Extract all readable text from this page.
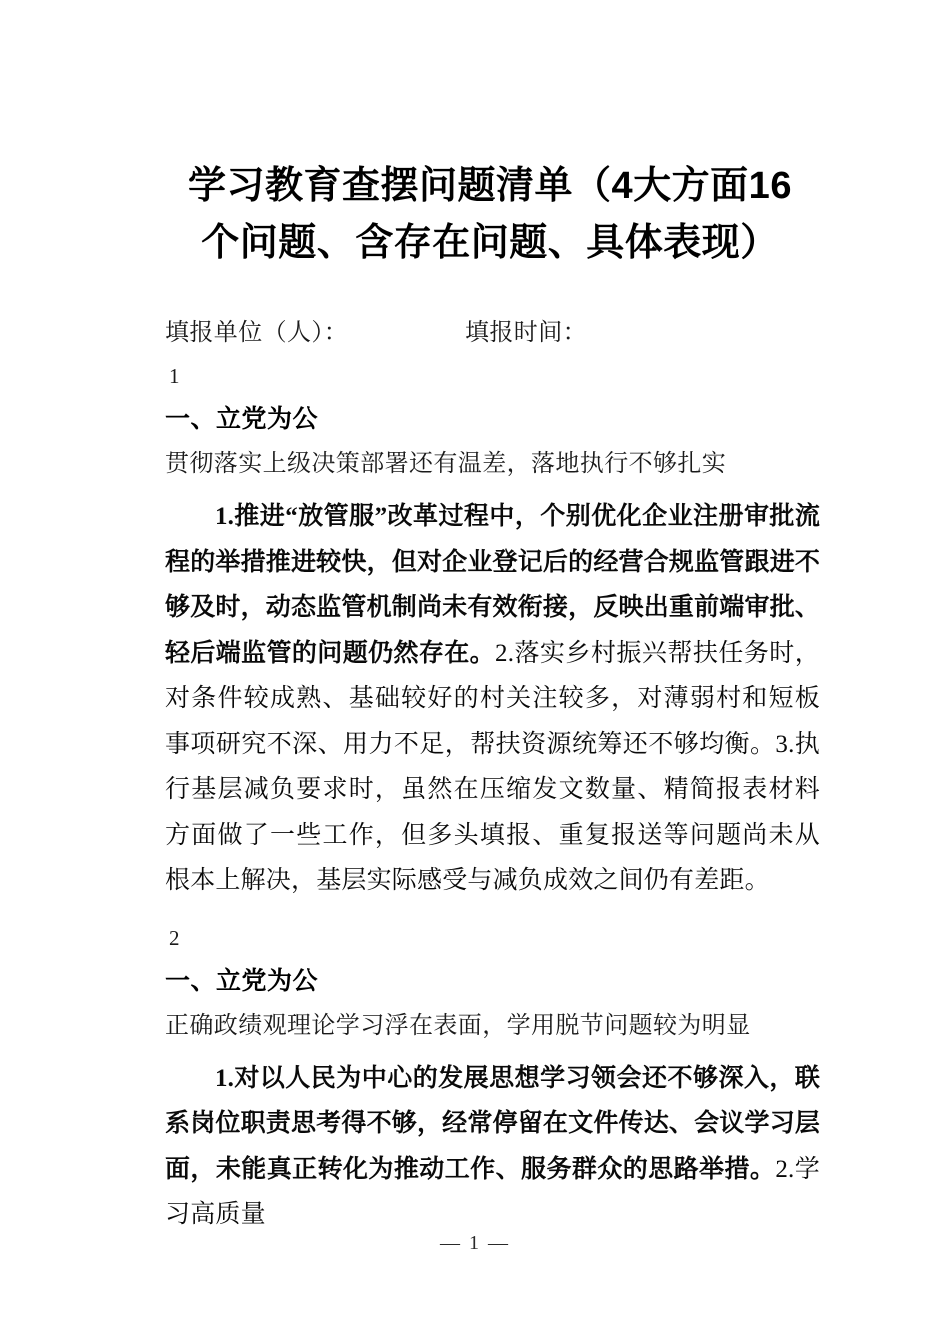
学习教育查摆问题清单（4大方面16
个问题、含存在问题、具体表现）
填报单位（人）：	填报时间：
1
一、立党为公
贯彻落实上级决策部署还有温差，落地执行不够扎实

1.推进“放管服”改革过程中，个别优化企业注册审批流程的举措推进较快，但对企业登记后的经营合规监管跟进不够及时，动态监管机制尚未有效衔接，反映出重前端审批、轻后端监管的问题仍然存在。2.落实乡村振兴帮扶任务时，对条件较成熟、基础较好的村关注较多，对薄弱村和短板事项研究不深、用力不足，帮扶资源统筹还不够均衡。3.执行基层减负要求时，虽然在压缩发文数量、精简报表材料方面做了一些工作，但多头填报、重复报送等问题尚未从根本上解决，基层实际感受与减负成效之间仍有差距。

2
一、立党为公
正确政绩观理论学习浮在表面，学用脱节问题较为明显

1.对以人民为中心的发展思想学习领会还不够深入，联系岗位职责思考得不够，经常停留在文件传达、会议学习层面，未能真正转化为推动工作、服务群众的思路举措。2.学习高质量

— 1 —
